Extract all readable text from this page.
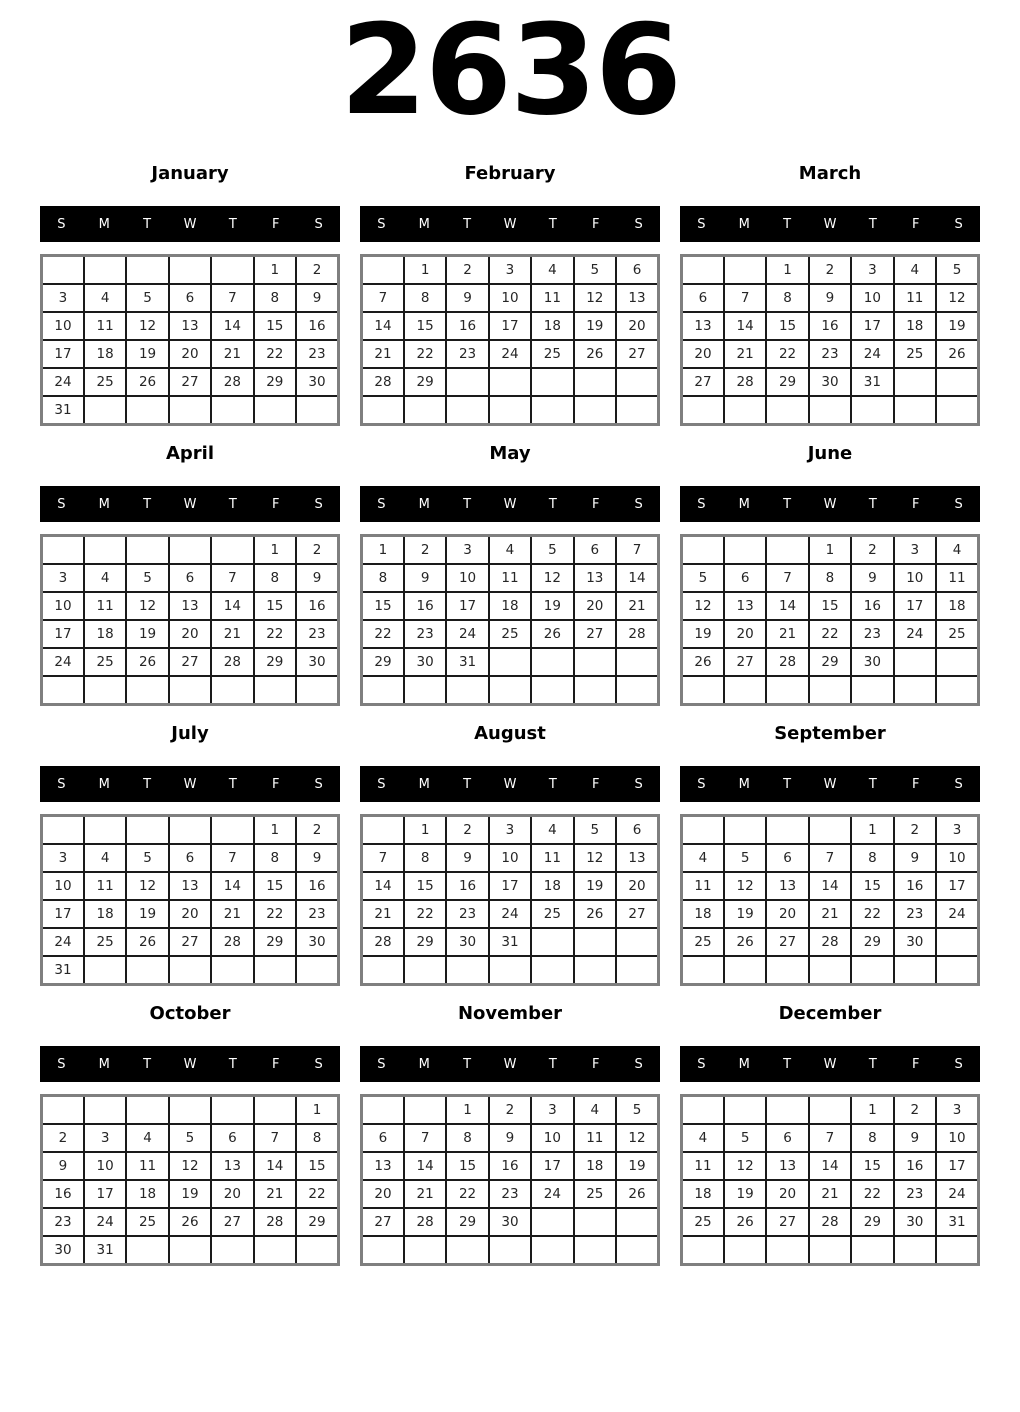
2636
January
S	M	T	W	T	F	S
					1	2
3	4	5	6	7	8	9
10	11	12	13	14	15	16
17	18	19	20	21	22	23
24	25	26	27	28	29	30
31						
February
S	M	T	W	T	F	S
	1	2	3	4	5	6
7	8	9	10	11	12	13
14	15	16	17	18	19	20
21	22	23	24	25	26	27
28	29					

March
S	M	T	W	T	F	S
		1	2	3	4	5
6	7	8	9	10	11	12
13	14	15	16	17	18	19
20	21	22	23	24	25	26
27	28	29	30	31		

April
S	M	T	W	T	F	S
					1	2
3	4	5	6	7	8	9
10	11	12	13	14	15	16
17	18	19	20	21	22	23
24	25	26	27	28	29	30

May
S	M	T	W	T	F	S
1	2	3	4	5	6	7
8	9	10	11	12	13	14
15	16	17	18	19	20	21
22	23	24	25	26	27	28
29	30	31				

June
S	M	T	W	T	F	S
			1	2	3	4
5	6	7	8	9	10	11
12	13	14	15	16	17	18
19	20	21	22	23	24	25
26	27	28	29	30		

July
S	M	T	W	T	F	S
					1	2
3	4	5	6	7	8	9
10	11	12	13	14	15	16
17	18	19	20	21	22	23
24	25	26	27	28	29	30
31						
August
S	M	T	W	T	F	S
	1	2	3	4	5	6
7	8	9	10	11	12	13
14	15	16	17	18	19	20
21	22	23	24	25	26	27
28	29	30	31			

September
S	M	T	W	T	F	S
				1	2	3
4	5	6	7	8	9	10
11	12	13	14	15	16	17
18	19	20	21	22	23	24
25	26	27	28	29	30	

October
S	M	T	W	T	F	S
						1
2	3	4	5	6	7	8
9	10	11	12	13	14	15
16	17	18	19	20	21	22
23	24	25	26	27	28	29
30	31					
November
S	M	T	W	T	F	S
		1	2	3	4	5
6	7	8	9	10	11	12
13	14	15	16	17	18	19
20	21	22	23	24	25	26
27	28	29	30			

December
S	M	T	W	T	F	S
				1	2	3
4	5	6	7	8	9	10
11	12	13	14	15	16	17
18	19	20	21	22	23	24
25	26	27	28	29	30	31
